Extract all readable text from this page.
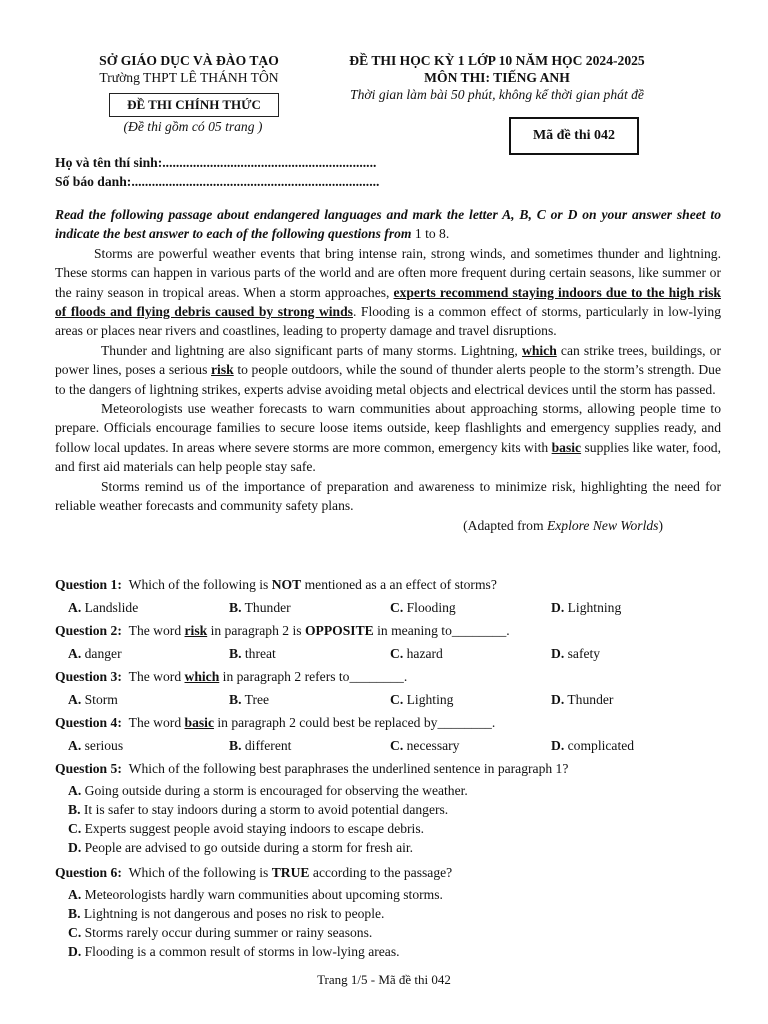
SỞ GIÁO DỤC VÀ ĐÀO TẠO
Trường THPT LÊ THÁNH TÔN
ĐỀ THI CHÍNH THỨC
(Đề thi gồm có 05 trang )
ĐỀ THI HỌC KỲ 1 LỚP 10 NĂM HỌC 2024-2025
MÔN THI: TIẾNG ANH
Thời gian làm bài 50 phút, không kể thời gian phát đề
Mã đề thi 042
Họ và tên thí sinh:...............................................................
Số báo danh:.........................................................................

Read the following passage about endangered languages and mark the letter A, B, C or D on your answer sheet to indicate the best answer to each of the following questions from 1 to 8.

Storms are powerful weather events that bring intense rain, strong winds, and sometimes thunder and lightning. These storms can happen in various parts of the world and are often more frequent during certain seasons, like summer or the rainy season in tropical areas. When a storm approaches, experts recommend staying indoors due to the high risk of floods and flying debris caused by strong winds. Flooding is a common effect of storms, particularly in low-lying areas or places near rivers and coastlines, leading to property damage and travel disruptions.

Thunder and lightning are also significant parts of many storms. Lightning, which can strike trees, buildings, or power lines, poses a serious risk to people outdoors, while the sound of thunder alerts people to the storm’s strength. Due to the dangers of lightning strikes, experts advise avoiding metal objects and electrical devices until the storm has passed.

Meteorologists use weather forecasts to warn communities about approaching storms, allowing people time to prepare. Officials encourage families to secure loose items outside, keep flashlights and emergency supplies ready, and follow local updates. In areas where severe storms are more common, emergency kits with basic supplies like water, food, and first aid materials can help people stay safe.

Storms remind us of the importance of preparation and awareness to minimize risk, highlighting the need for reliable weather forecasts and community safety plans.

(Adapted from Explore New Worlds)

Question 1: Which of the following is NOT mentioned as a an effect of storms?
A. Landslide	B. Thunder	C. Flooding	D. Lightning
Question 2: The word risk in paragraph 2 is OPPOSITE in meaning to________.
A. danger	B. threat	C. hazard	D. safety
Question 3: The word which in paragraph 2 refers to________.
A. Storm	B. Tree	C. Lighting	D. Thunder
Question 4: The word basic in paragraph 2 could best be replaced by________.
A. serious	B. different	C. necessary	D. complicated
Question 5: Which of the following best paraphrases the underlined sentence in paragraph 1?
A. Going outside during a storm is encouraged for observing the weather.
B. It is safer to stay indoors during a storm to avoid potential dangers.
C. Experts suggest people avoid staying indoors to escape debris.
D. People are advised to go outside during a storm for fresh air.
Question 6: Which of the following is TRUE according to the passage?
A. Meteorologists hardly warn communities about upcoming storms.
B. Lightning is not dangerous and poses no risk to people.
C. Storms rarely occur during summer or rainy seasons.
D. Flooding is a common result of storms in low-lying areas.
Trang 1/5 - Mã đề thi 042
